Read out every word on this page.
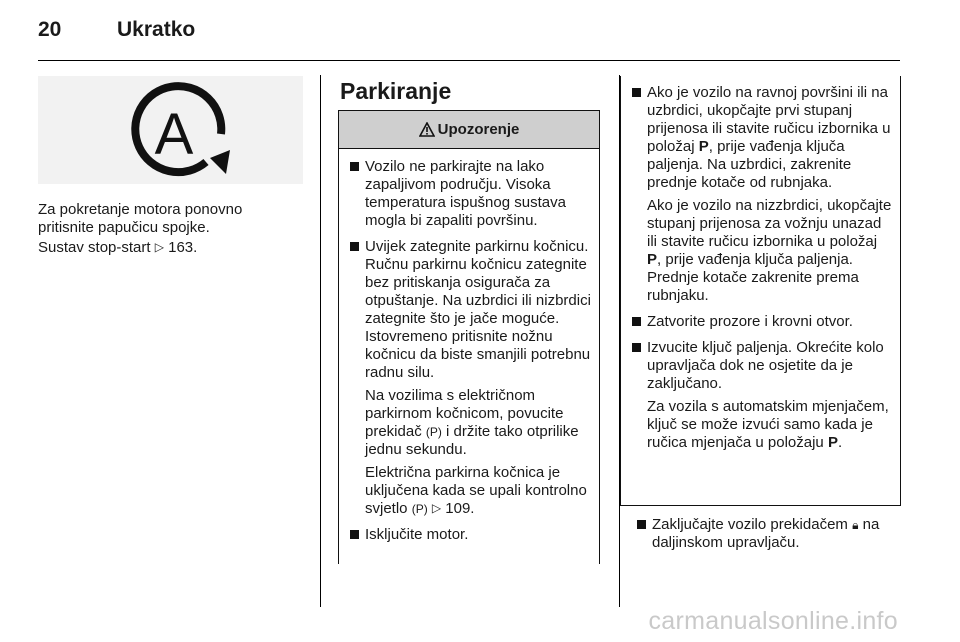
20	Ukratko
A
Za pokretanje motora ponovno pritisnite papučicu spojke.
Sustav stop-start ▷ 163.
Parkiranje
Upozorenje
Vozilo ne parkirajte na lako zapaljivom području. Visoka temperatura ispušnog sustava mogla bi zapaliti površinu.
Uvijek zategnite parkirnu kočnicu. Ručnu parkirnu kočnicu zategnite bez pritiskanja osigurača za otpuštanje. Na uzbrdici ili nizbrdici zategnite što je jače moguće. Istovremeno pritisnite nožnu kočnicu da biste smanjili potrebnu radnu silu.
Na vozilima s električnom parkirnom kočnicom, povucite prekidač (P) i držite tako otprilike jednu sekundu.
Električna parkirna kočnica je uključena kada se upali kontrolno svjetlo (P) ▷ 109.
Isključite motor.
Ako je vozilo na ravnoj površini ili na uzbrdici, ukopčajte prvi stupanj prijenosa ili stavite ručicu izbornika u položaj P, prije vađenja ključa paljenja. Na uzbrdici, zakrenite prednje kotače od rubnjaka.
Ako je vozilo na nizzbrdici, ukopčajte stupanj prijenosa za vožnju unazad ili stavite ručicu izbornika u položaj P, prije vađenja ključa paljenja. Prednje kotače zakrenite prema rubnjaku.
Zatvorite prozore i krovni otvor.
Izvucite ključ paljenja. Okrećite kolo upravljača dok ne osjetite da je zaključano.
Za vozila s automatskim mjenjačem, ključ se može izvući samo kada je ručica mjenjača u položaju P.
Zaključajte vozilo prekidačem 🔒︎ na daljinskom upravljaču.
carmanualsonline.info
